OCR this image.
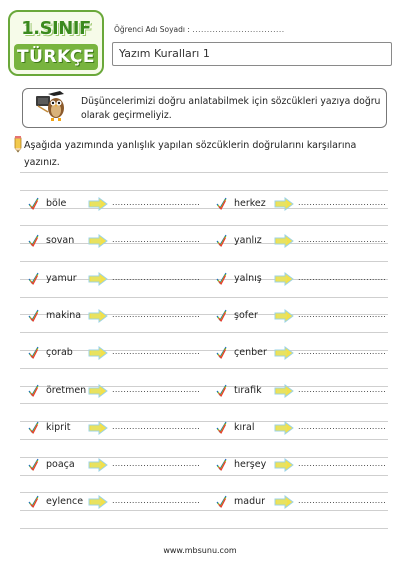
1.SINIF
TÜRKÇE
Öğrenci Adı Soyadı : ................................
Yazım Kuralları 1
Düşüncelerimizi doğru anlatabilmek için sözcükleri yazıya doğru olarak geçirmeliyiz.
Aşağıda yazımında yanlışlık yapılan sözcüklerin doğrularını karşılarına yazınız.
böle	...............................
sovan	...............................
yamur	...............................
makina	...............................
çorab	...............................
öretmen	...............................
kiprit	...............................
poaça	...............................
eylence	...............................
herkez	...............................
yanlız	...............................
yalnış	...............................
şofer	...............................
çenber	...............................
tırafik	...............................
kıral	...............................
herşey	...............................
madur	...............................
www.mbsunu.com
